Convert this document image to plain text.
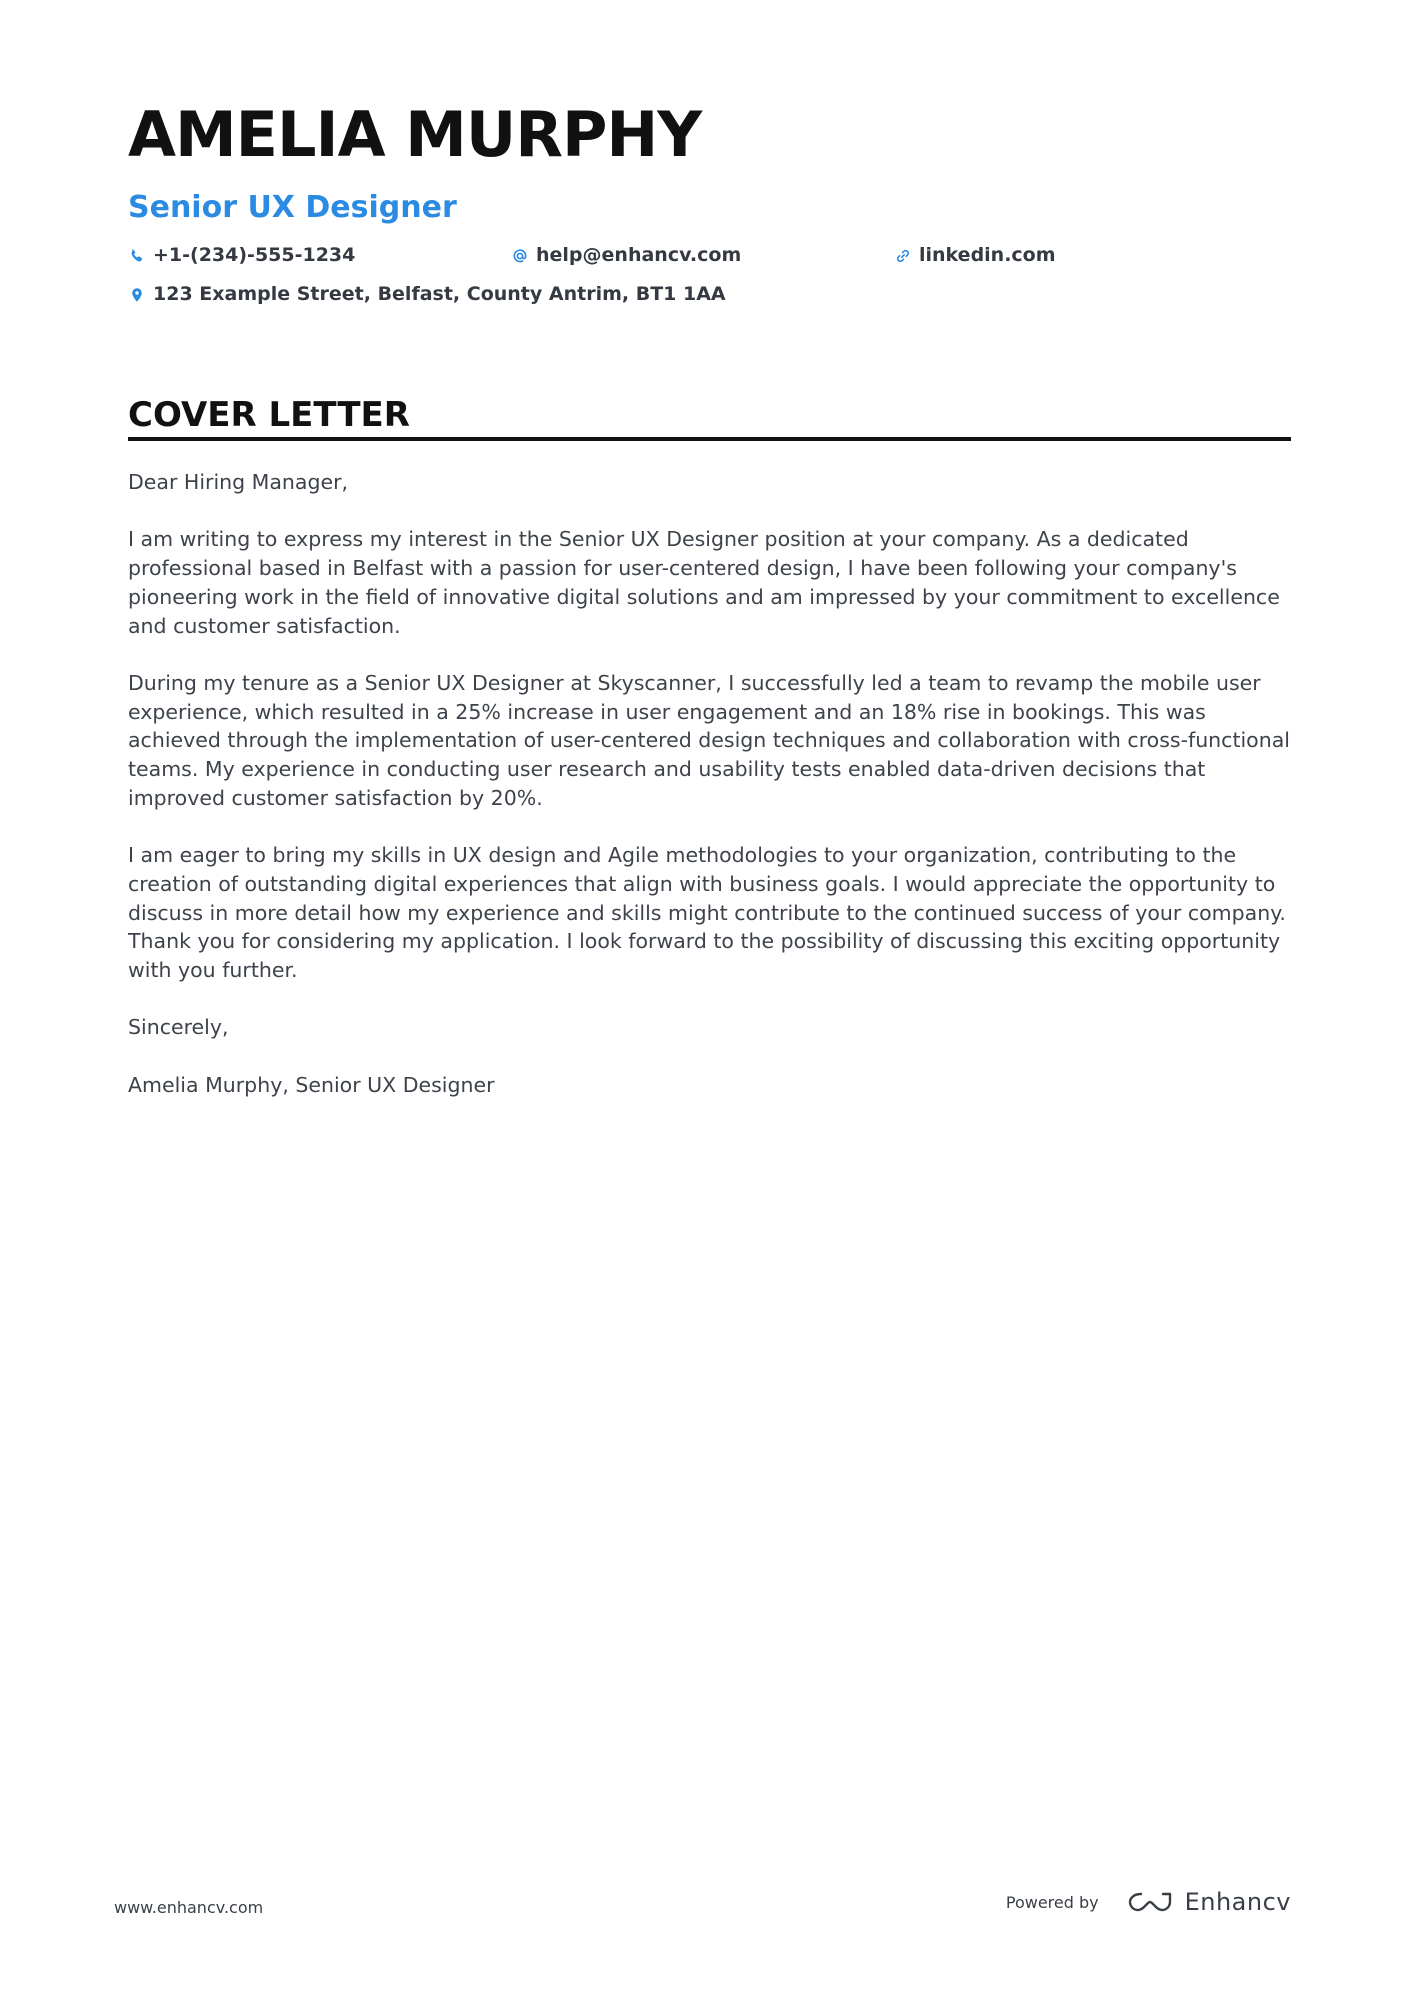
AMELIA MURPHY
Senior UX Designer
+1-(234)-555-1234	help@enhancv.com	linkedin.com
123 Example Street, Belfast, County Antrim, BT1 1AA
COVER LETTER

Dear Hiring Manager,

I am writing to express my interest in the Senior UX Designer position at your company. As a dedicated professional based in Belfast with a passion for user-centered design, I have been following your company's pioneering work in the field of innovative digital solutions and am impressed by your commitment to excellence and customer satisfaction.

During my tenure as a Senior UX Designer at Skyscanner, I successfully led a team to revamp the mobile user experience, which resulted in a 25% increase in user engagement and an 18% rise in bookings. This was achieved through the implementation of user-centered design techniques and collaboration with cross-functional teams. My experience in conducting user research and usability tests enabled data-driven decisions that improved customer satisfaction by 20%.

I am eager to bring my skills in UX design and Agile methodologies to your organization, contributing to the creation of outstanding digital experiences that align with business goals. I would appreciate the opportunity to discuss in more detail how my experience and skills might contribute to the continued success of your company. Thank you for considering my application. I look forward to the possibility of discussing this exciting opportunity with you further.

Sincerely,

Amelia Murphy, Senior UX Designer

www.enhancv.com	Powered by	Enhancv
